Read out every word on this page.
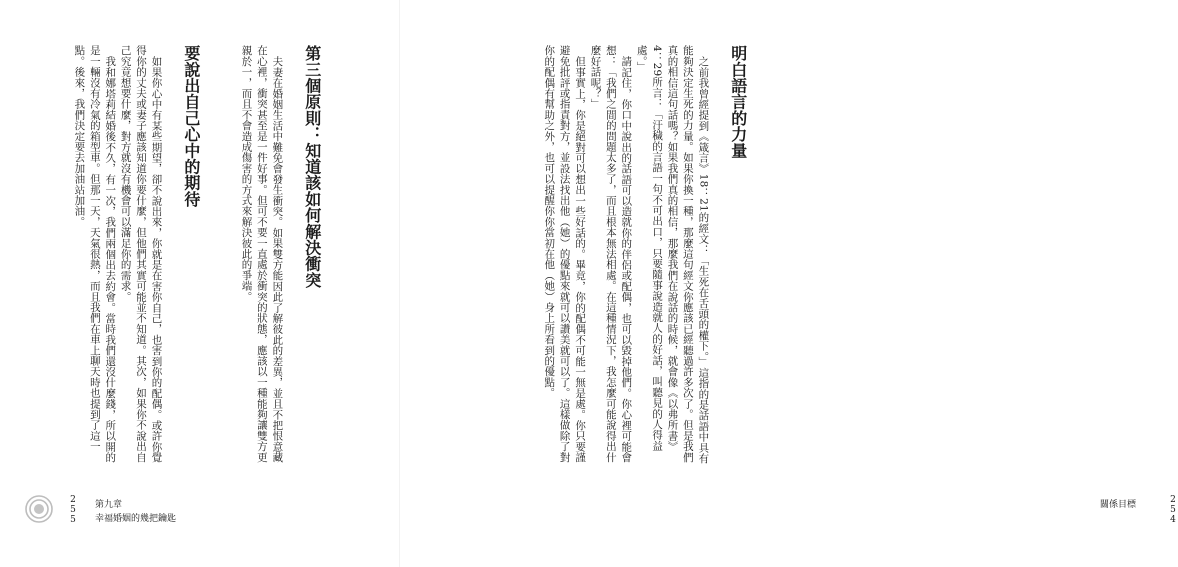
第三個原則：知道該如何解決衝突

夫妻在婚姻生活中難免會發生衝突。如果雙方能因此了解彼此的差異，並且不把恨意藏在心裡，衝突甚至是一件好事。但可不要一直處於衝突的狀態，應該以一種能夠讓雙方更親於一，而且不會造成傷害的方式來解決彼此的爭端。

要說出自己心中的期待

如果你心中有某些期望，卻不說出來，你就是在害你自己，也害到你的配偶。或許你覺得你的丈夫或妻子應該知道你要什麼，但他們其實可能並不知道。其次，如果你不說出自己究竟想要什麼，對方就沒有機會可以滿足你的需求。

我和娜塔莉結婚後不久，有一次，我們兩個出去約會。當時我們還沒什麼錢，所以開的是一輛沒有冷氣的箱型車。但那一天，天氣很熱，而且我們在車上聊天時也提到了這一點。後來，我們決定要去加油站加油。

2
5
5
第九章
幸福婚姻的幾把鑰匙
明白語言的力量

之前我曾經提到《箴言》18：21的經文：「生死在舌頭的權下。」這指的是話語中具有能夠決定生死的力量。如果你換一種，那麼這句經文你應該已經聽過許多次了。但是我們真的相信這句話嗎？如果我們真的相信，那麼我們在說話的時候，就會像《以弗所書》4：29所言：「汙穢的言語一句不可出口，只要隨事說造就人的好話，叫聽見的人得益處。」

請記住，你口中說出的話語可以造就你的伴侶或配偶，也可以毀掉他們。你心裡可能會想：「我們之間的問題太多了，而且根本無法相處。在這種情況下，我怎麼可能說得出什麼好話呢？」

但事實上，你是絕對可以想出一些好話的。畢竟，你的配偶不可能一無是處。你只要謹避免批評或指責對方，並設法找出他（她）的優點來就可以讚美就可以了。這樣做除了對你的配偶有幫助之外，也可以提醒你你當初在他（她）身上所看到的優點。

關係目標	2
5
4
